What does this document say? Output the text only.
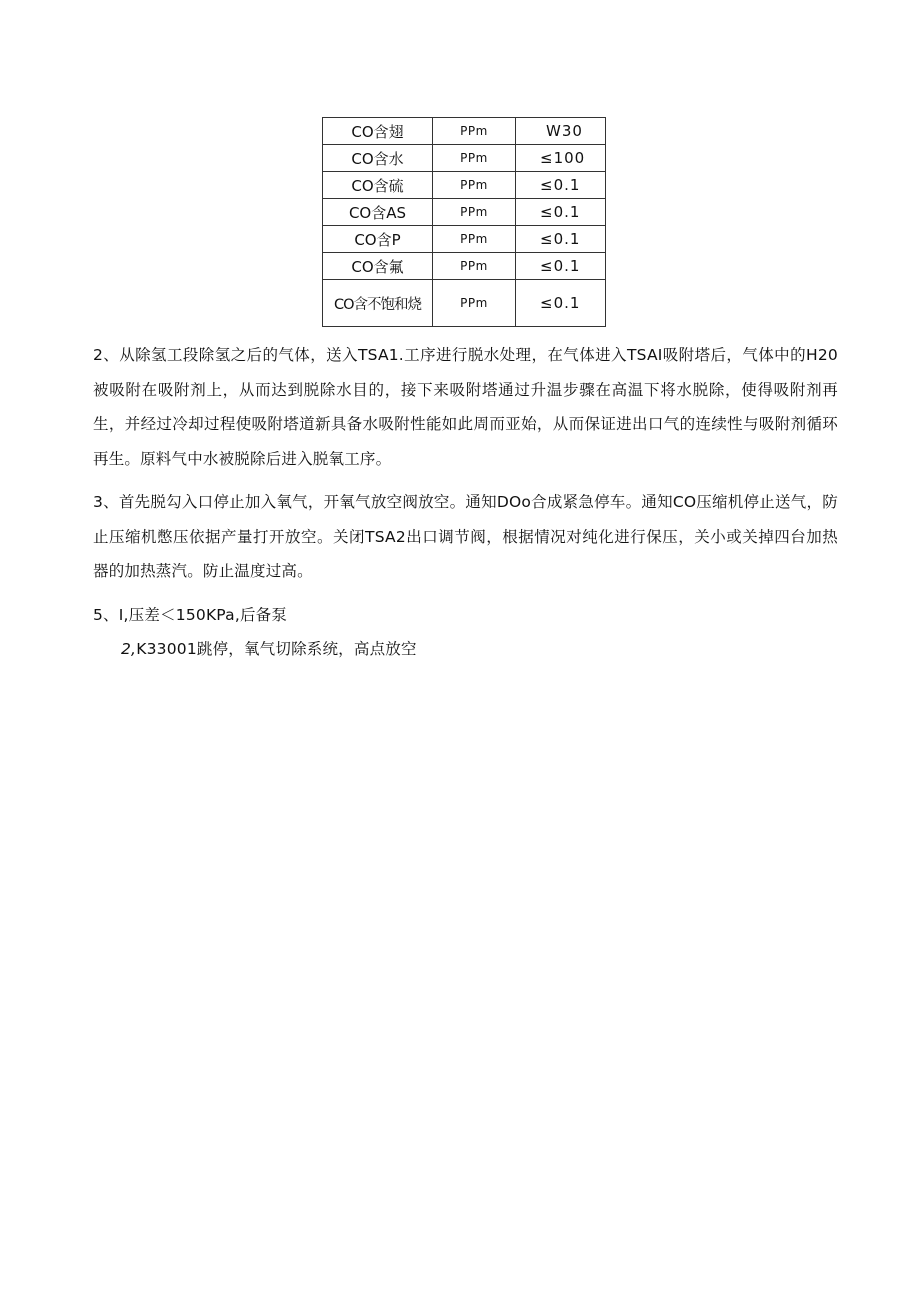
CO含翅	PPm	W30
CO含水	PPm	≤100
CO含硫	PPm	≤0.1
CO含AS	PPm	≤0.1
CO含P	PPm	≤0.1
CO含氟	PPm	≤0.1
CO含不饱和烧	PPm	≤0.1

2、从除氢工段除氢之后的气体，送入TSA1.工序进行脱水处理，在气体进入TSAI吸附塔后，气体中的H20被吸附在吸附剂上，从而达到脱除水目的，接下来吸附塔通过升温步骤在高温下将水脱除，使得吸附剂再生，并经过冷却过程使吸附塔道新具备水吸附性能如此周而亚始，从而保证进出口气的连续性与吸附剂循环再生。原料气中水被脱除后进入脱氧工序。

3、首先脱勾入口停止加入氧气，开氧气放空阀放空。通知DOo合成紧急停车。通知CO压缩机停止送气，防止压缩机憋压依据产量打开放空。关闭TSA2出口调节阀，根据情况对纯化进行保压，关小或关掉四台加热器的加热蒸汽。防止温度过高。

5、I,压差＜150KPa,后备泵

2,K33001跳停，氧气切除系统，高点放空
